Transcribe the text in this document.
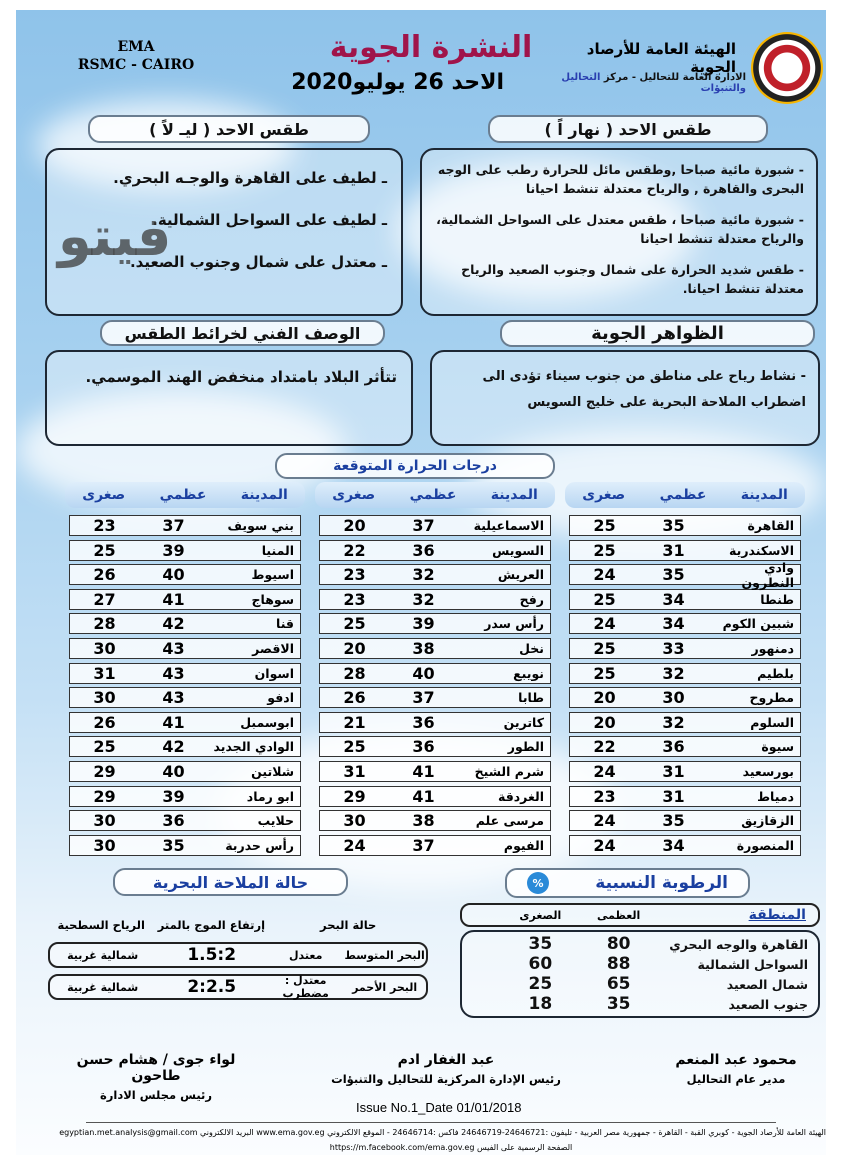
EMA
RSMC - CAIRO	النشرة الجوية
الاحد 26 يوليو2020
الهيئة العامة للأرصاد الجوية
الادارة العامة للتحاليل - مركز التحاليل والتنبؤات
طقس الاحد ( نهار اً )
طقس الاحد ( ليـ لاً )

- شبورة مائية صباحا ,وطقس مائل للحرارة رطب على الوجه البحرى والقاهرة , والرياح معتدلة تنشط احيانا

- شبورة مائية صباحا ، طقس معتدل على السواحل الشمالية، والرياح معتدلة تنشط احيانا

- طقس شديد الحرارة على شمال وجنوب الصعيد والرياح معتدلة تنشط احيانا.

ـ لطيف على القاهرة والوجـه البحري.

ـ لطيف على السواحل الشمالية.

ـ معتدل على شمال وجنوب الصعيد.

الظواهر الجوية
الوصف الفني لخرائط الطقس

- نشاط رياح على مناطق من جنوب سيناء تؤدى الى اضطراب الملاحة البحرية على خليج السويس

تتأثر البلاد بامتداد منخفض الهند الموسمي.

درجات الحرارة المتوقعة
الرطوبة النسبية
%
المنطقة
العظمى
الصغرى
القاهرة والوجه البحري
80
35
السواحل الشمالية
88
60
شمال الصعيد
65
25
جنوب الصعيد
35
18
حالة الملاحة البحرية
حالة البحر
إرتفاع الموج بالمتر
الرياح السطحية
Issue No.1_Date 01/01/2018
الهيئة العامة للأرصاد الجوية - كوبري القبة - القاهرة - جمهورية مصر العربية - تليفون :24646721-24646719 فاكس :24646714 - الموقع الالكتروني www.ema.gov.eg البريد الالكتروني egyptian.met.analysis@gmail.com
الصفحة الرسمية على الفيس https://m.facebook.com/ema.gov.eg
فيتو
المدينة
عظمي
صغرى
القاهرة
35
25
الاسكندرية
31
25
وادي النطرون
35
24
طنطا
34
25
شبين الكوم
34
24
دمنهور
33
25
بلطيم
32
25
مطروح
30
20
السلوم
32
20
سيوة
36
22
بورسعيد
31
24
دمياط
31
23
الزقازيق
35
24
المنصورة
34
24
المدينة
عظمي
صغرى
الاسماعيلية
37
20
السويس
36
22
العريش
32
23
رفح
32
23
رأس سدر
39
25
نخل
38
20
نويبع
40
28
طابا
37
26
كاترين
36
21
الطور
36
25
شرم الشيخ
41
31
الغردقة
41
29
مرسى علم
38
30
الفيوم
37
24
المدينة
عظمي
صغرى
بني سويف
37
23
المنيا
39
25
اسيوط
40
26
سوهاج
41
27
قنا
42
28
الاقصر
43
30
اسوان
43
31
ادفو
43
30
ابوسمبل
41
26
الوادي الجديد
42
25
شلاتين
40
29
ابو رماد
39
29
حلايب
36
30
رأس حدربة
35
30
البحر المتوسط
معتدل
1.5:2
شمالية غربية
البحر الأحمر
معتدل : مضطرب
2:2.5
شمالية غربية
محمود عبد المنعم
مدير عام التحاليل
عبد الغفار ادم
رئيس الإدارة المركزية للتحاليل والتنبؤات
لواء جوى / هشام حسن طاحون
رئيس مجلس الادارة
